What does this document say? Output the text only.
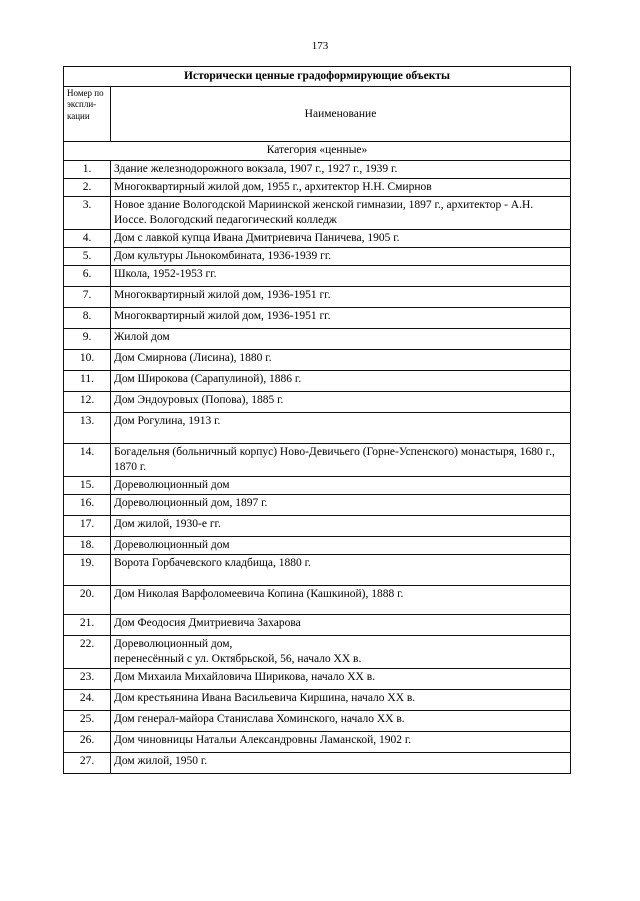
173
Исторически ценные градоформирующие объекты	
Номер по экспли-кации	Наименование
Категория «ценные»	
1.	Здание железнодорожного вокзала, 1907 г., 1927 г., 1939 г.
2.	Многоквартирный жилой дом, 1955 г., архитектор Н.Н. Смирнов
3.	Новое здание Вологодской Мариинской женской гимназии, 1897 г., архитектор - А.Н. Иоссе. Вологодский педагогический колледж
4.	Дом с лавкой купца Ивана Дмитриевича Паничева, 1905 г.
5.	Дом культуры Льнокомбината, 1936-1939 гг.
6.	Школа, 1952-1953 гг.
7.	Многоквартирный жилой дом, 1936-1951 гг.
8.	Многоквартирный жилой дом, 1936-1951 гг.
9.	Жилой дом
10.	Дом Смирнова (Лисина), 1880 г.
11.	Дом Широкова (Сарапулиной), 1886 г.
12.	Дом Эндоуровых (Попова), 1885 г.
13.	Дом Рогулина, 1913 г.
14.	Богадельня (больничный корпус) Ново-Девичьего (Горне-Успенского) монастыря, 1680 г., 1870 г.
15.	Дореволюционный дом
16.	Дореволюционный дом, 1897 г.
17.	Дом жилой, 1930-е гг.
18.	Дореволюционный дом
19.	Ворота Горбачевского кладбища, 1880 г.
20.	Дом Николая Варфоломеевича Копина (Кашкиной), 1888 г.
21.	Дом Феодосия Дмитриевича Захарова
22.	Дореволюционный дом,
перенесённый с ул. Октябрьской, 56, начало XX в.
23.	Дом Михаила Михайловича Ширикова, начало XX в.
24.	Дом крестьянина Ивана Васильевича Киршина, начало XX в.
25.	Дом генерал-майора Станислава Хоминского, начало XX в.
26.	Дом чиновницы Натальи Александровны Ламанской, 1902 г.
27.	Дом жилой, 1950 г.
